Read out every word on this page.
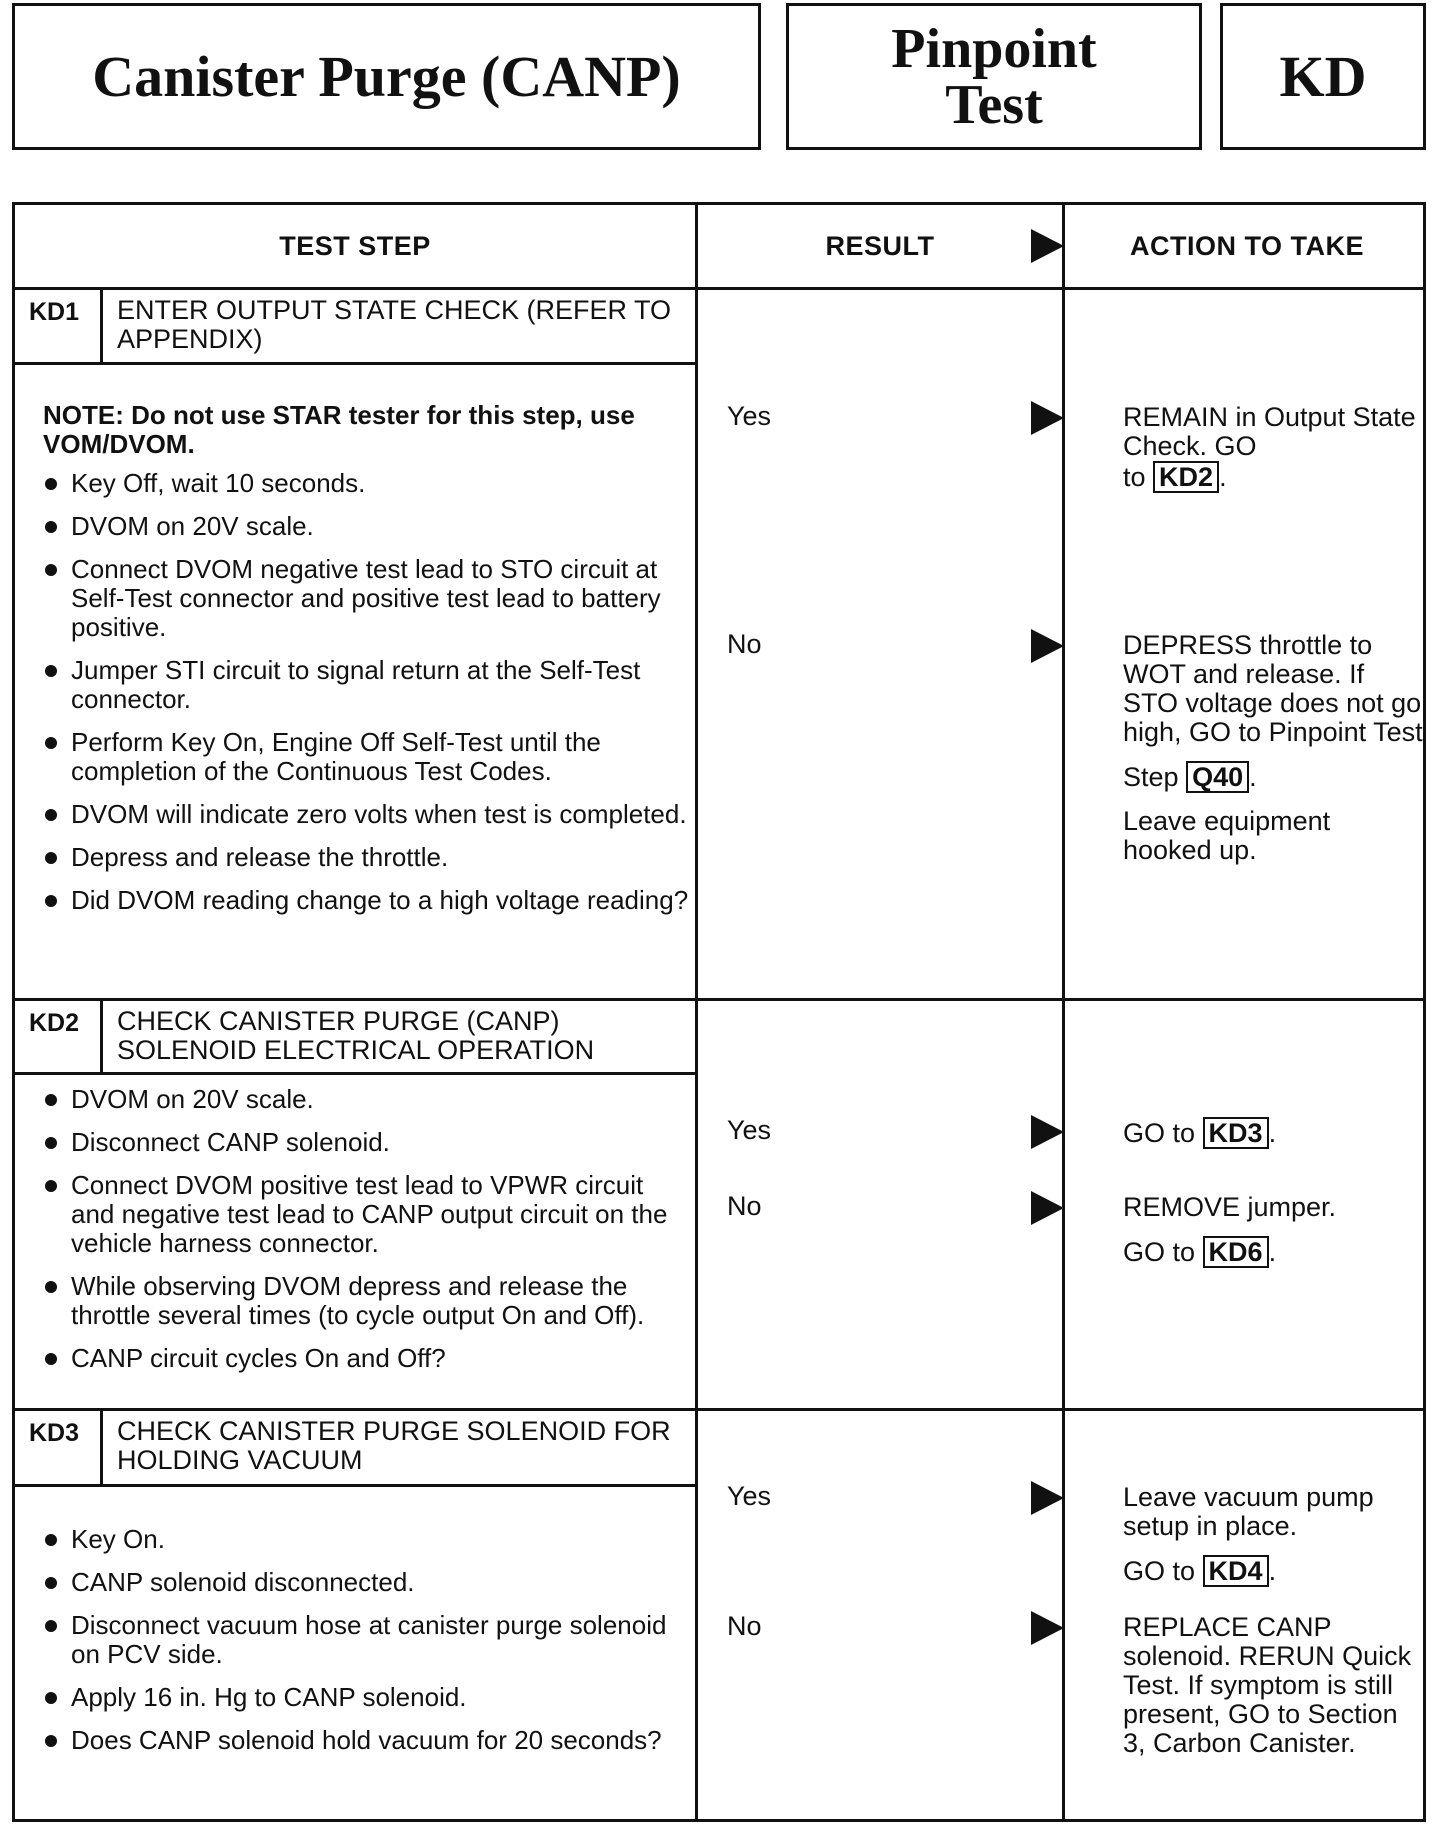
Canister Purge (CANP)	Pinpoint
Test	KD
TEST STEP	RESULT	ACTION TO TAKE
KD1	ENTER OUTPUT STATE CHECK (REFER TO APPENDIX)

NOTE: Do not use STAR tester for this step, use VOM/DVOM.

Key Off, wait 10 seconds.
DVOM on 20V scale.
Connect DVOM negative test lead to STO circuit at Self-Test connector and positive test lead to battery positive.
Jumper STI circuit to signal return at the Self-Test connector.
Perform Key On, Engine Off Self-Test until the completion of the Continuous Test Codes.
DVOM will indicate zero volts when test is completed.
Depress and release the throttle.
Did DVOM reading change to a high voltage reading?
Yes	REMAIN in Output State Check. GO
to KD2 .

No	DEPRESS throttle to WOT and release. If STO voltage does not go high, GO to Pinpoint Test

Step Q40 .

Leave equipment hooked up.

KD2	CHECK CANISTER PURGE (CANP) SOLENOID ELECTRICAL OPERATION
DVOM on 20V scale.
Disconnect CANP solenoid.
Connect DVOM positive test lead to VPWR circuit and negative test lead to CANP output circuit on the vehicle harness connector.
While observing DVOM depress and release the throttle several times (to cycle output On and Off).
CANP circuit cycles On and Off?
Yes	GO to KD3 .

No	REMOVE jumper.

GO to KD6 .

KD3	CHECK CANISTER PURGE SOLENOID FOR HOLDING VACUUM
Key On.
CANP solenoid disconnected.
Disconnect vacuum hose at canister purge solenoid on PCV side.
Apply 16 in. Hg to CANP solenoid.
Does CANP solenoid hold vacuum for 20 seconds?
Yes	Leave vacuum pump setup in place.

GO to KD4 .

No	REPLACE CANP solenoid. RERUN Quick Test. If symptom is still present, GO to Section 3, Carbon Canister.
